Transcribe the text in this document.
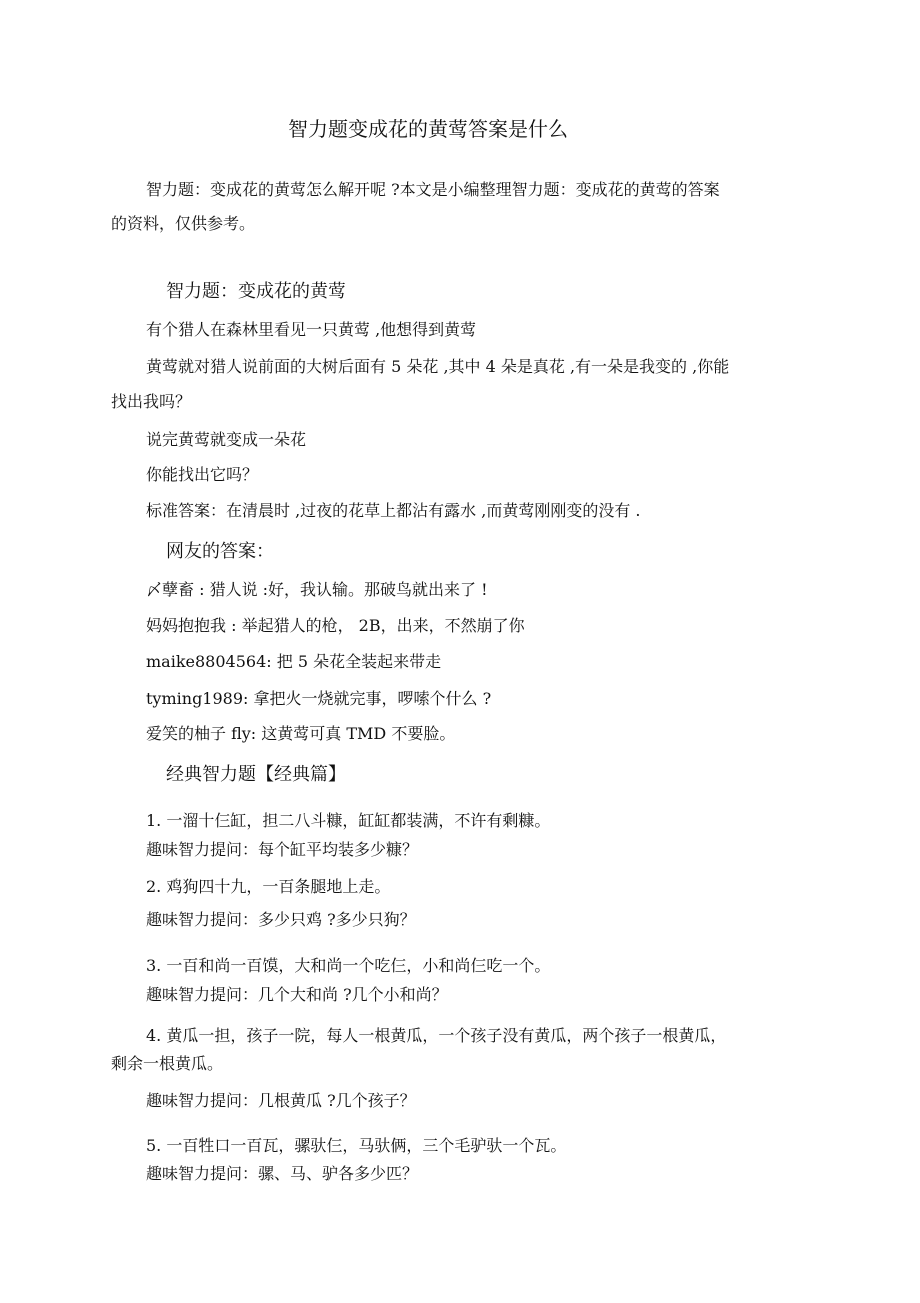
智力题变成花的黄莺答案是什么
智力题：变成花的黄莺怎么解开呢 ?本文是小编整理智力题：变成花的黄莺的答案
的资料，仅供参考。
智力题：变成花的黄莺
有个猎人在森林里看见一只黄莺 ,他想得到黄莺
黄莺就对猎人说前面的大树后面有 5 朵花 ,其中 4 朵是真花 ,有一朵是我变的 ,你能
找出我吗？
说完黄莺就变成一朵花
你能找出它吗？
标准答案：在清晨时 ,过夜的花草上都沾有露水 ,而黄莺刚刚变的没有 .
网友的答案：
〆孽畜 : 猎人说 :好，我认输。那破鸟就出来了 !
妈妈抱抱我 : 举起猎人的枪， 2B，出来，不然崩了你
maike8804564: 把 5 朵花全装起来带走
tyming1989: 拿把火一烧就完事，啰嗦个什么 ?
爱笑的柚子 fly: 这黄莺可真 TMD 不要脸。
经典智力题【经典篇】
1. 一溜十仨缸，担二八斗糠，缸缸都装满，不许有剩糠。
趣味智力提问：每个缸平均装多少糠？
2. 鸡狗四十九，一百条腿地上走。
趣味智力提问：多少只鸡 ?多少只狗？
3. 一百和尚一百馍，大和尚一个吃仨，小和尚仨吃一个。
趣味智力提问：几个大和尚 ?几个小和尚？
4. 黄瓜一担，孩子一院，每人一根黄瓜，一个孩子没有黄瓜，两个孩子一根黄瓜，
剩余一根黄瓜。
趣味智力提问：几根黄瓜 ?几个孩子？
5. 一百牲口一百瓦，骡驮仨，马驮俩，三个毛驴驮一个瓦。
趣味智力提问：骡、马、驴各多少匹？
